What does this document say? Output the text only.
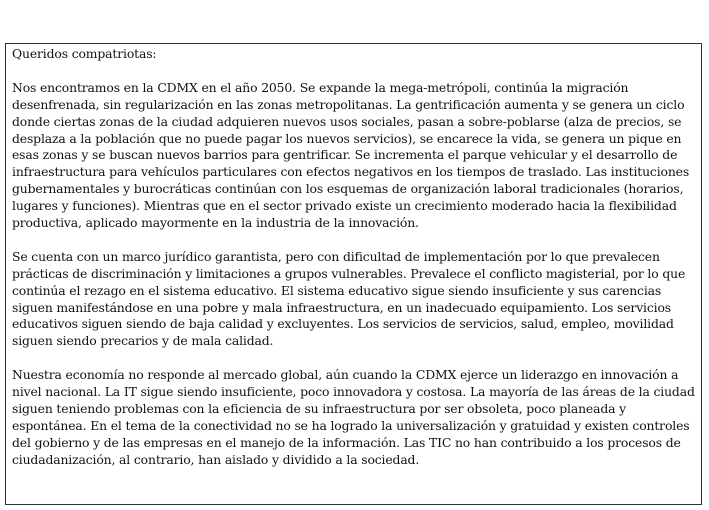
Queridos compatriotas:

Nos encontramos en la CDMX en el año 2050. Se expande la mega-metrópoli, continúa la migración desenfrenada, sin regularización en las zonas metropolitanas. La gentrificación aumenta y se genera un ciclo donde ciertas zonas de la ciudad adquieren nuevos usos sociales, pasan a sobre-poblarse (alza de precios, se desplaza a la población que no puede pagar los nuevos servicios), se encarece la vida, se genera un pique en esas zonas y se buscan nuevos barrios para gentrificar. Se incrementa el parque vehicular y el desarrollo de infraestructura para vehículos particulares con efectos negativos en los tiempos de traslado. Las instituciones gubernamentales y burocráticas continúan con los esquemas de organización laboral tradicionales (horarios, lugares y funciones). Mientras que en el sector privado existe un crecimiento moderado hacia la flexibilidad productiva, aplicado mayormente en la industria de la innovación.

Se cuenta con un marco jurídico garantista, pero con dificultad de implementación por lo que prevalecen prácticas de discriminación y limitaciones a grupos vulnerables. Prevalece el conflicto magisterial, por lo que continúa el rezago en el sistema educativo. El sistema educativo sigue siendo insuficiente y sus carencias siguen manifestándose en una pobre y mala infraestructura, en un inadecuado equipamiento. Los servicios educativos siguen siendo de baja calidad y excluyentes. Los servicios de servicios, salud, empleo, movilidad siguen siendo precarios y de mala calidad.

Nuestra economía no responde al mercado global, aún cuando la CDMX ejerce un liderazgo en innovación a nivel nacional. La IT sigue siendo insuficiente, poco innovadora y costosa. La mayoría de las áreas de la ciudad siguen teniendo problemas con la eficiencia de su infraestructura por ser obsoleta, poco planeada y espontánea. En el tema de la conectividad no se ha logrado la universalización y gratuidad y existen controles del gobierno y de las empresas en el manejo de la información. Las TIC no han contribuido a los procesos de ciudadanización, al contrario, han aislado y dividido a la sociedad.
